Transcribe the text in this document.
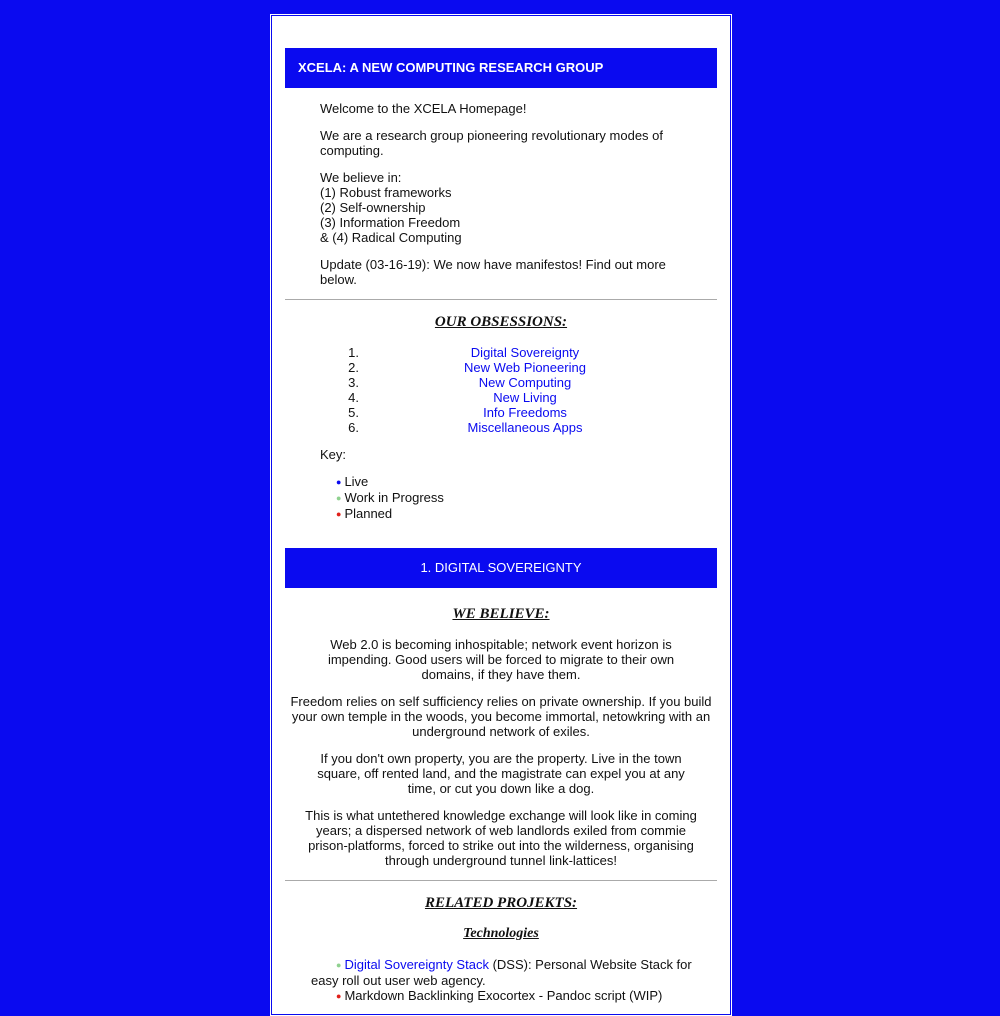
XCELA: A NEW COMPUTING RESEARCH GROUP

Welcome to the XCELA Homepage!

We are a research group pioneering revolutionary modes of computing.

We believe in:
(1) Robust frameworks
(2) Self-ownership
(3) Information Freedom
& (4) Radical Computing

Update (03-16-19): We now have manifestos! Find out more below.

OUR OBSESSIONS:
1.	Digital Sovereignty
2.	New Web Pioneering
3.	New Computing
4.	New Living
5.	Info Freedoms
6.	Miscellaneous Apps
Key:
● Live
● Work in Progress
● Planned
1. DIGITAL SOVEREIGNTY
WE BELIEVE:

Web 2.0 is becoming inhospitable; network event horizon is impending. Good users will be forced to migrate to their own domains, if they have them.

Freedom relies on self sufficiency relies on private ownership. If you build your own temple in the woods, you become immortal, netowkring with an underground network of exiles.

If you don't own property, you are the property. Live in the town square, off rented land, and the magistrate can expel you at any time, or cut you down like a dog.

This is what untethered knowledge exchange will look like in coming years; a dispersed network of web landlords exiled from commie prison-platforms, forced to strike out into the wilderness, organising through underground tunnel link-lattices!

RELATED PROJEKTS:
Technologies
● Digital Sovereignty Stack (DSS): Personal Website Stack for
easy roll out user web agency.
● Markdown Backlinking Exocortex - Pandoc script (WIP)
